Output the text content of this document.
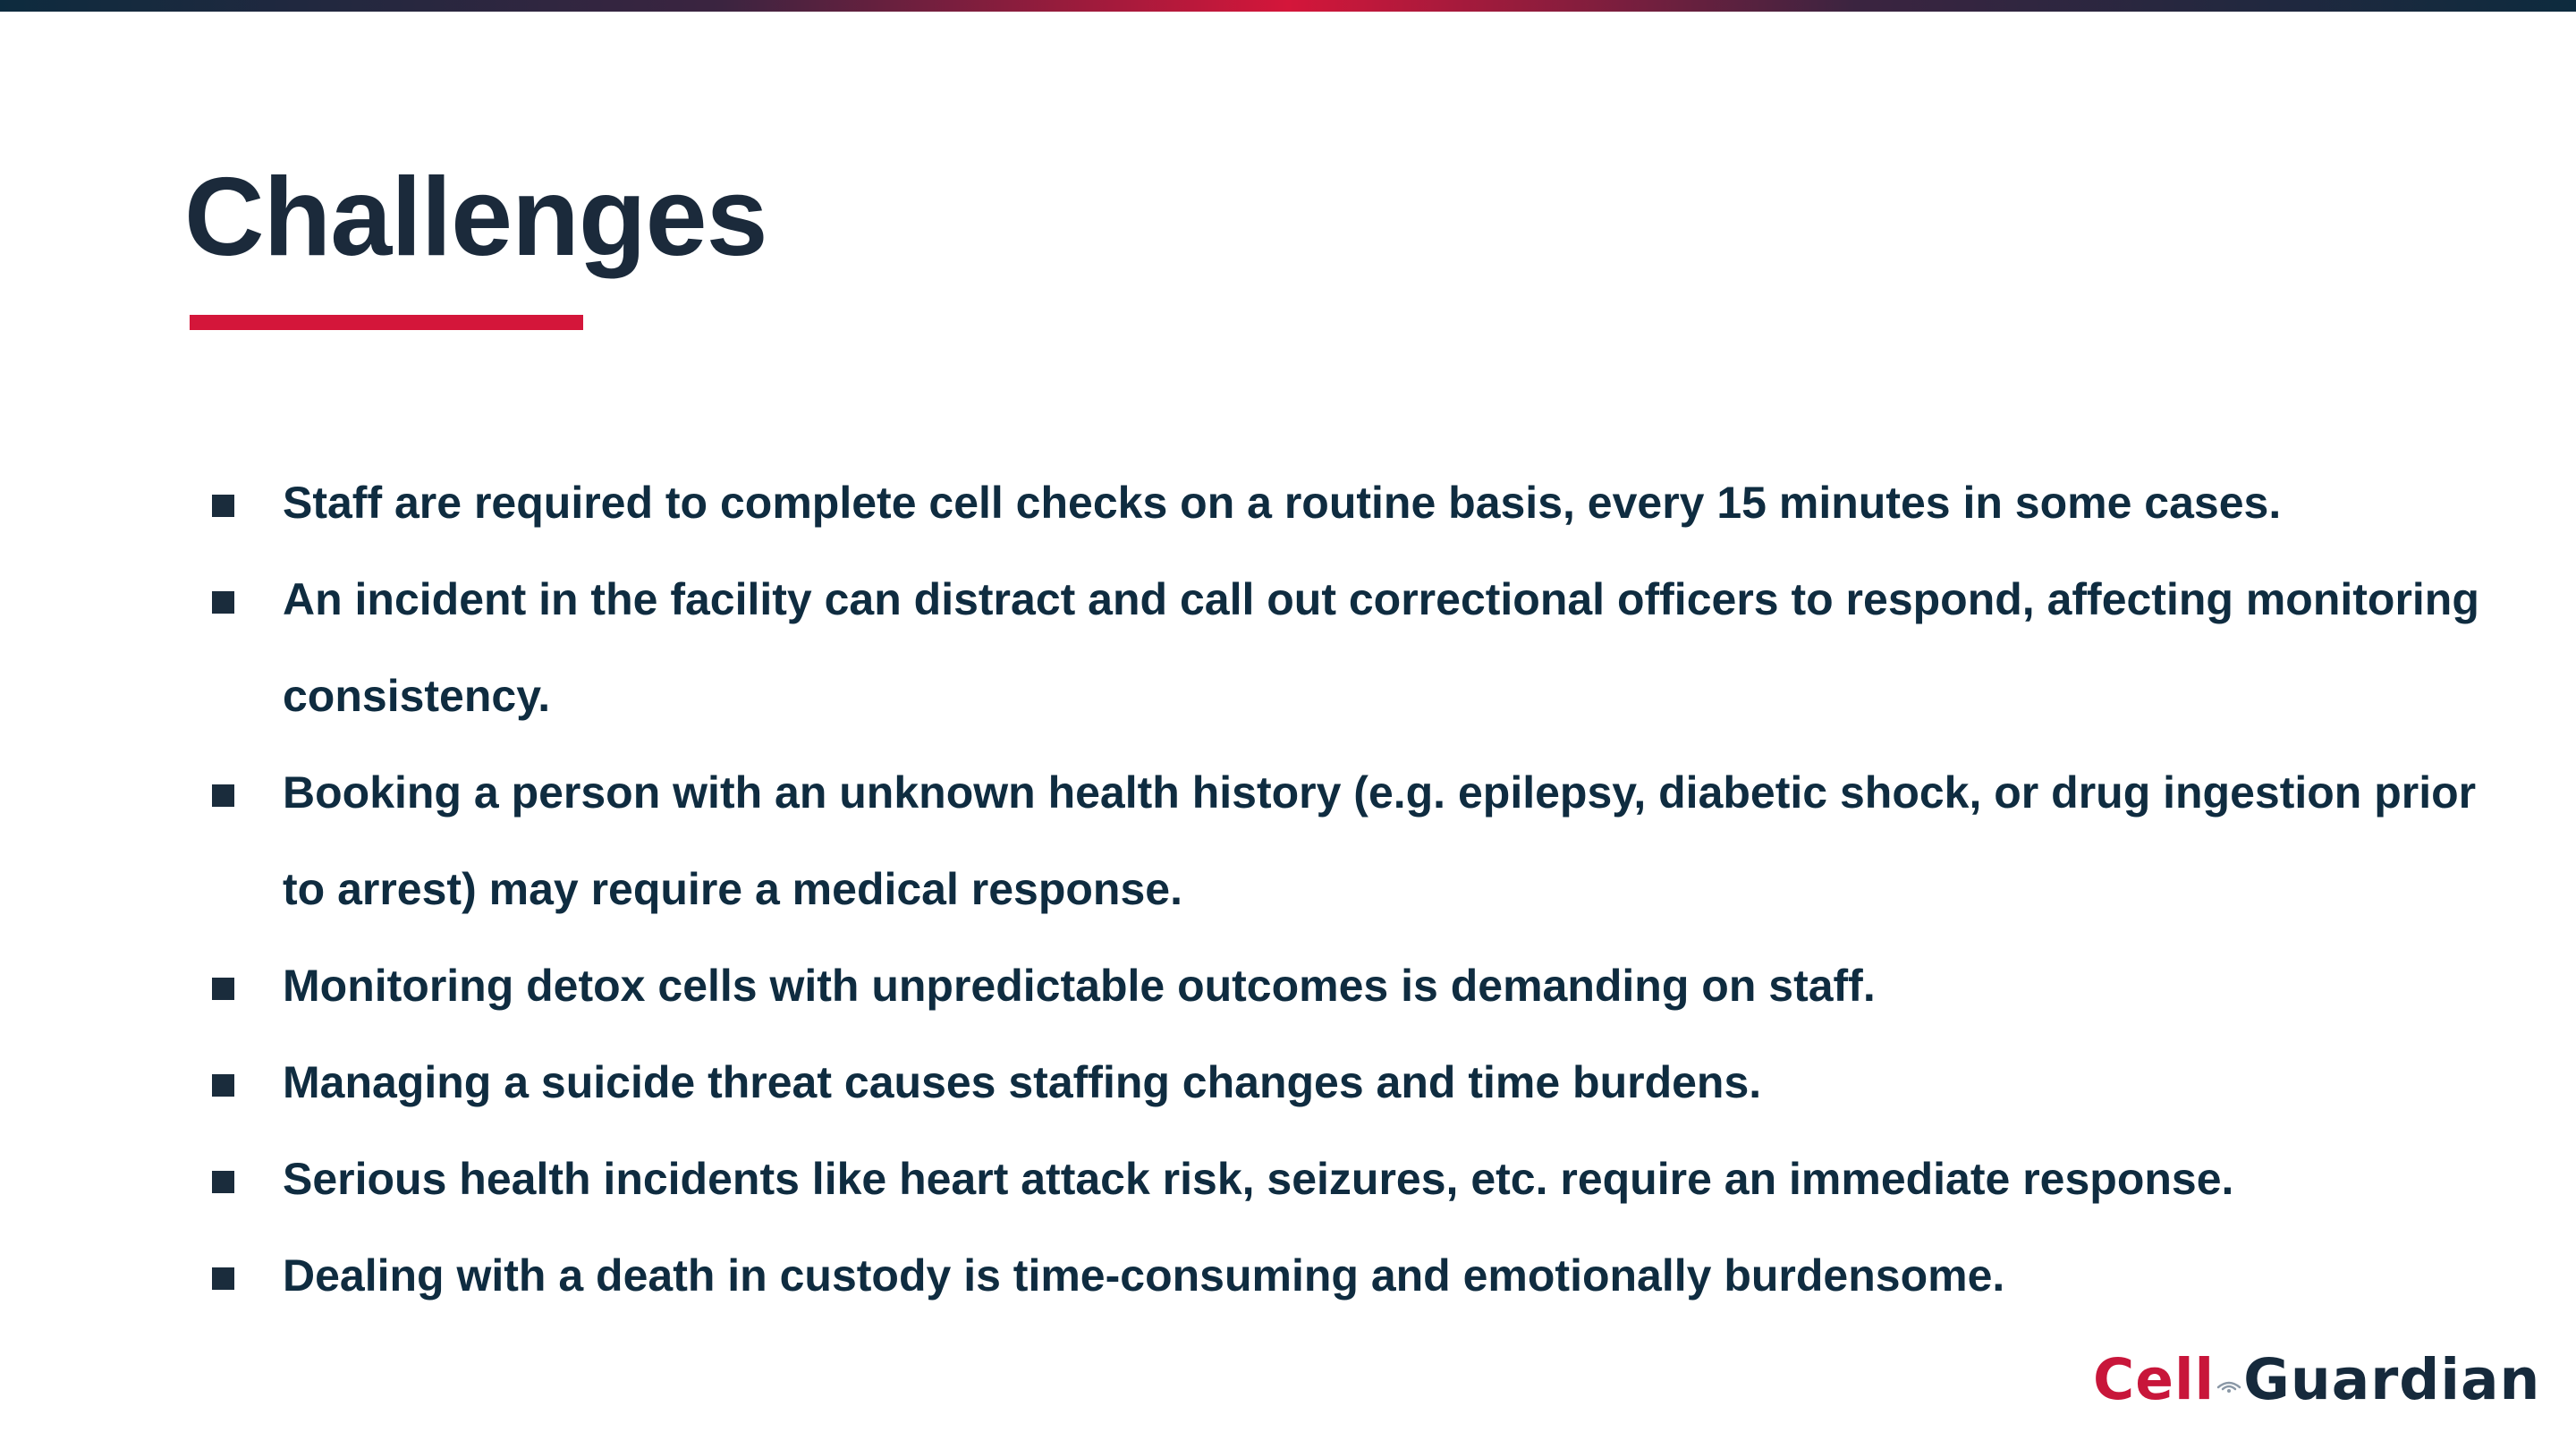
Challenges
Staff are required to complete cell checks on a routine basis, every 15 minutes in some cases.
An incident in the facility can distract and call out correctional officers to respond, affecting monitoring consistency.
Booking a person with an unknown health history (e.g. epilepsy, diabetic shock, or drug ingestion prior to arrest) may require a medical response.
Monitoring detox cells with unpredictable outcomes is demanding on staff.
Managing a suicide threat causes staffing changes and time burdens.
Serious health incidents like heart attack risk, seizures, etc. require an immediate response.
Dealing with a death in custody is time-consuming and emotionally burdensome.
Cell Guardian
